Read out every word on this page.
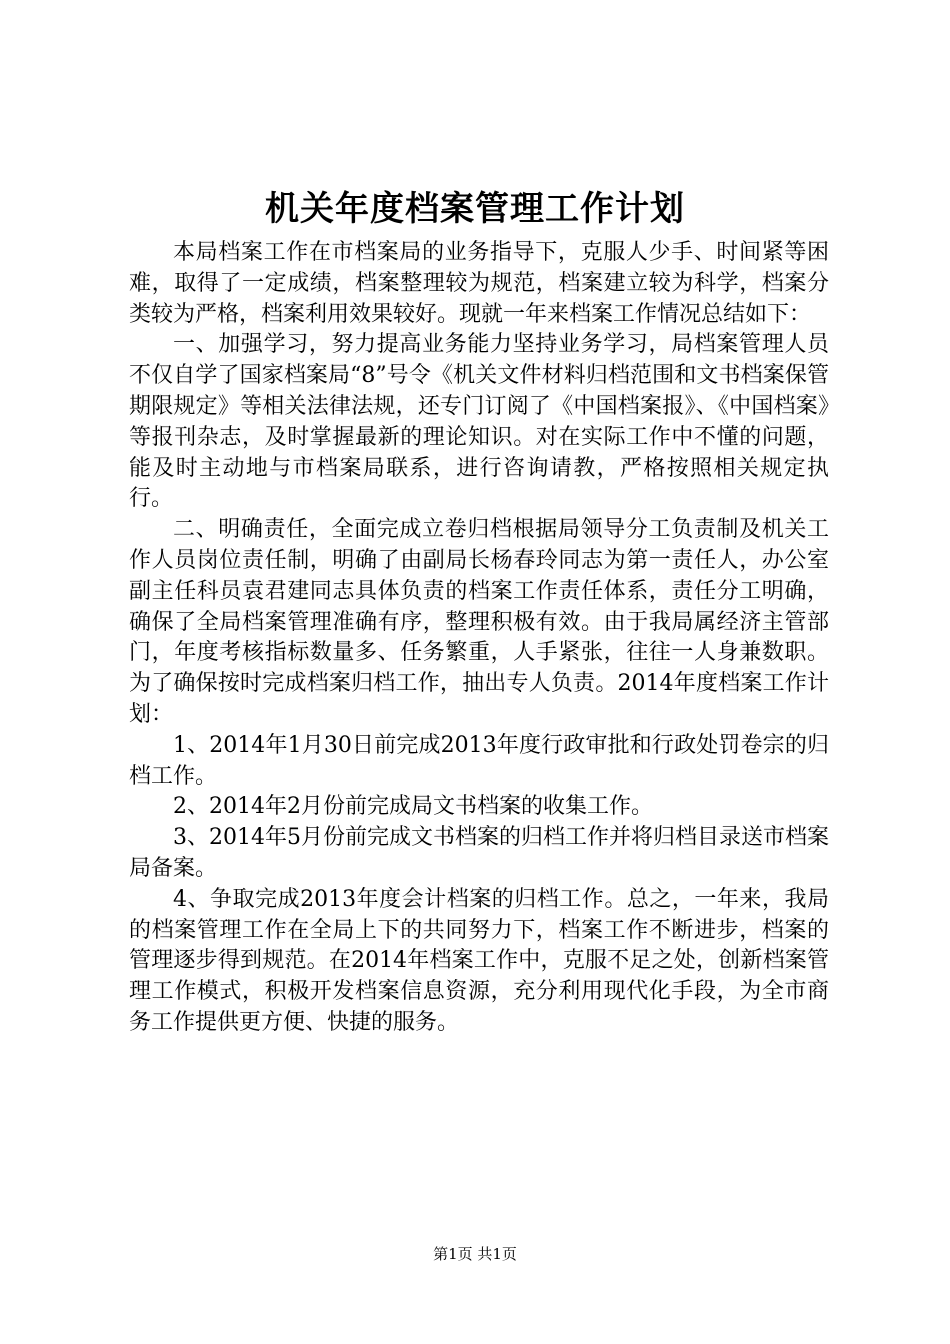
机关年度档案管理工作计划

本局档案工作在市档案局的业务指导下，克服人少手、时间紧等困难，取得了一定成绩，档案整理较为规范，档案建立较为科学，档案分类较为严格，档案利用效果较好。现就一年来档案工作情况总结如下：

一、加强学习，努力提高业务能力坚持业务学习，局档案管理人员不仅自学了国家档案局“8”号令《机关文件材料归档范围和文书档案保管期限规定》等相关法律法规，还专门订阅了《中国档案报》、《中国档案》等报刊杂志，及时掌握最新的理论知识。对在实际工作中不懂的问题，能及时主动地与市档案局联系，进行咨询请教，严格按照相关规定执行。

二、明确责任，全面完成立卷归档根据局领导分工负责制及机关工作人员岗位责任制，明确了由副局长杨春玲同志为第一责任人，办公室副主任科员袁君建同志具体负责的档案工作责任体系，责任分工明确，确保了全局档案管理准确有序，整理积极有效。由于我局属经济主管部门，年度考核指标数量多、任务繁重，人手紧张，往往一人身兼数职。为了确保按时完成档案归档工作，抽出专人负责。2014年度档案工作计划：

1、2014年1月30日前完成2013年度行政审批和行政处罚卷宗的归档工作。

2、2014年2月份前完成局文书档案的收集工作。

3、2014年5月份前完成文书档案的归档工作并将归档目录送市档案局备案。

4、争取完成2013年度会计档案的归档工作。总之，一年来，我局的档案管理工作在全局上下的共同努力下，档案工作不断进步，档案的管理逐步得到规范。在2014年档案工作中，克服不足之处，创新档案管理工作模式，积极开发档案信息资源，充分利用现代化手段，为全市商务工作提供更方便、快捷的服务。

第1页 共1页
